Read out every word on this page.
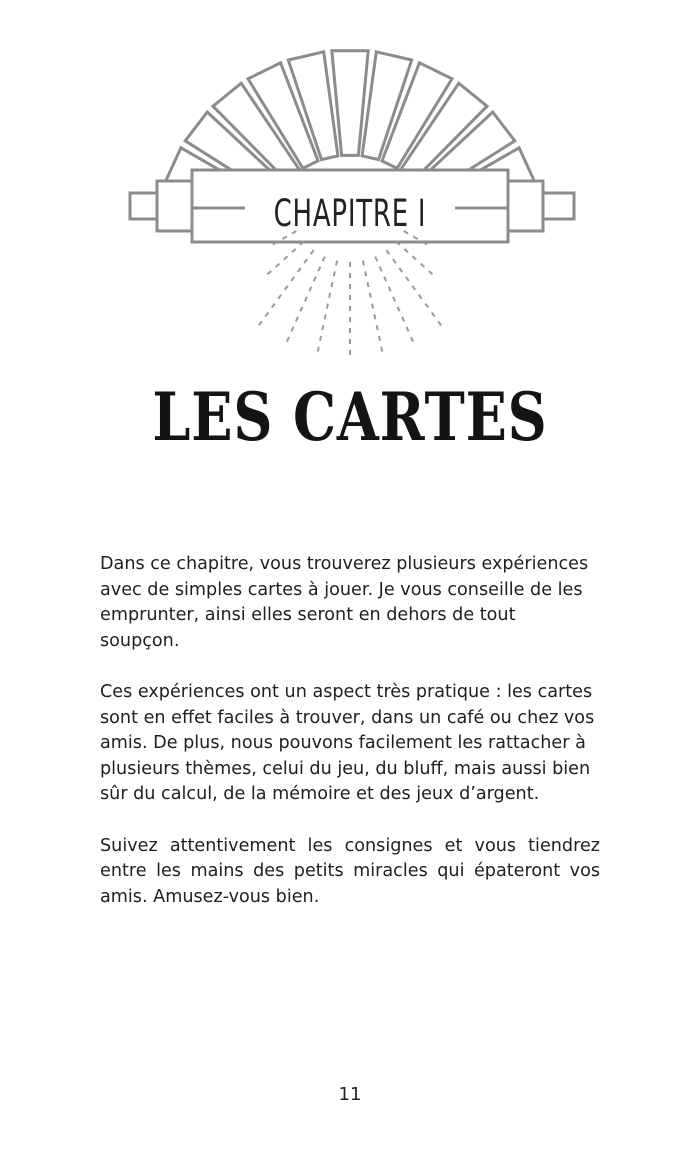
CHAPITRE I
LES CARTES

Dans ce chapitre, vous trouverez plusieurs expériences avec de simples cartes à jouer. Je vous conseille de les emprunter, ainsi elles seront en dehors de tout soupçon.

Ces expériences ont un aspect très pratique : les cartes sont en effet faciles à trouver, dans un café ou chez vos amis. De plus, nous pouvons facilement les rattacher à plusieurs thèmes, celui du jeu, du bluff, mais aussi bien sûr du calcul, de la mémoire et des jeux d’argent.

Suivez attentivement les consignes et vous tiendrez entre les mains des petits miracles qui épateront vos amis. Amusez-vous bien.

11
